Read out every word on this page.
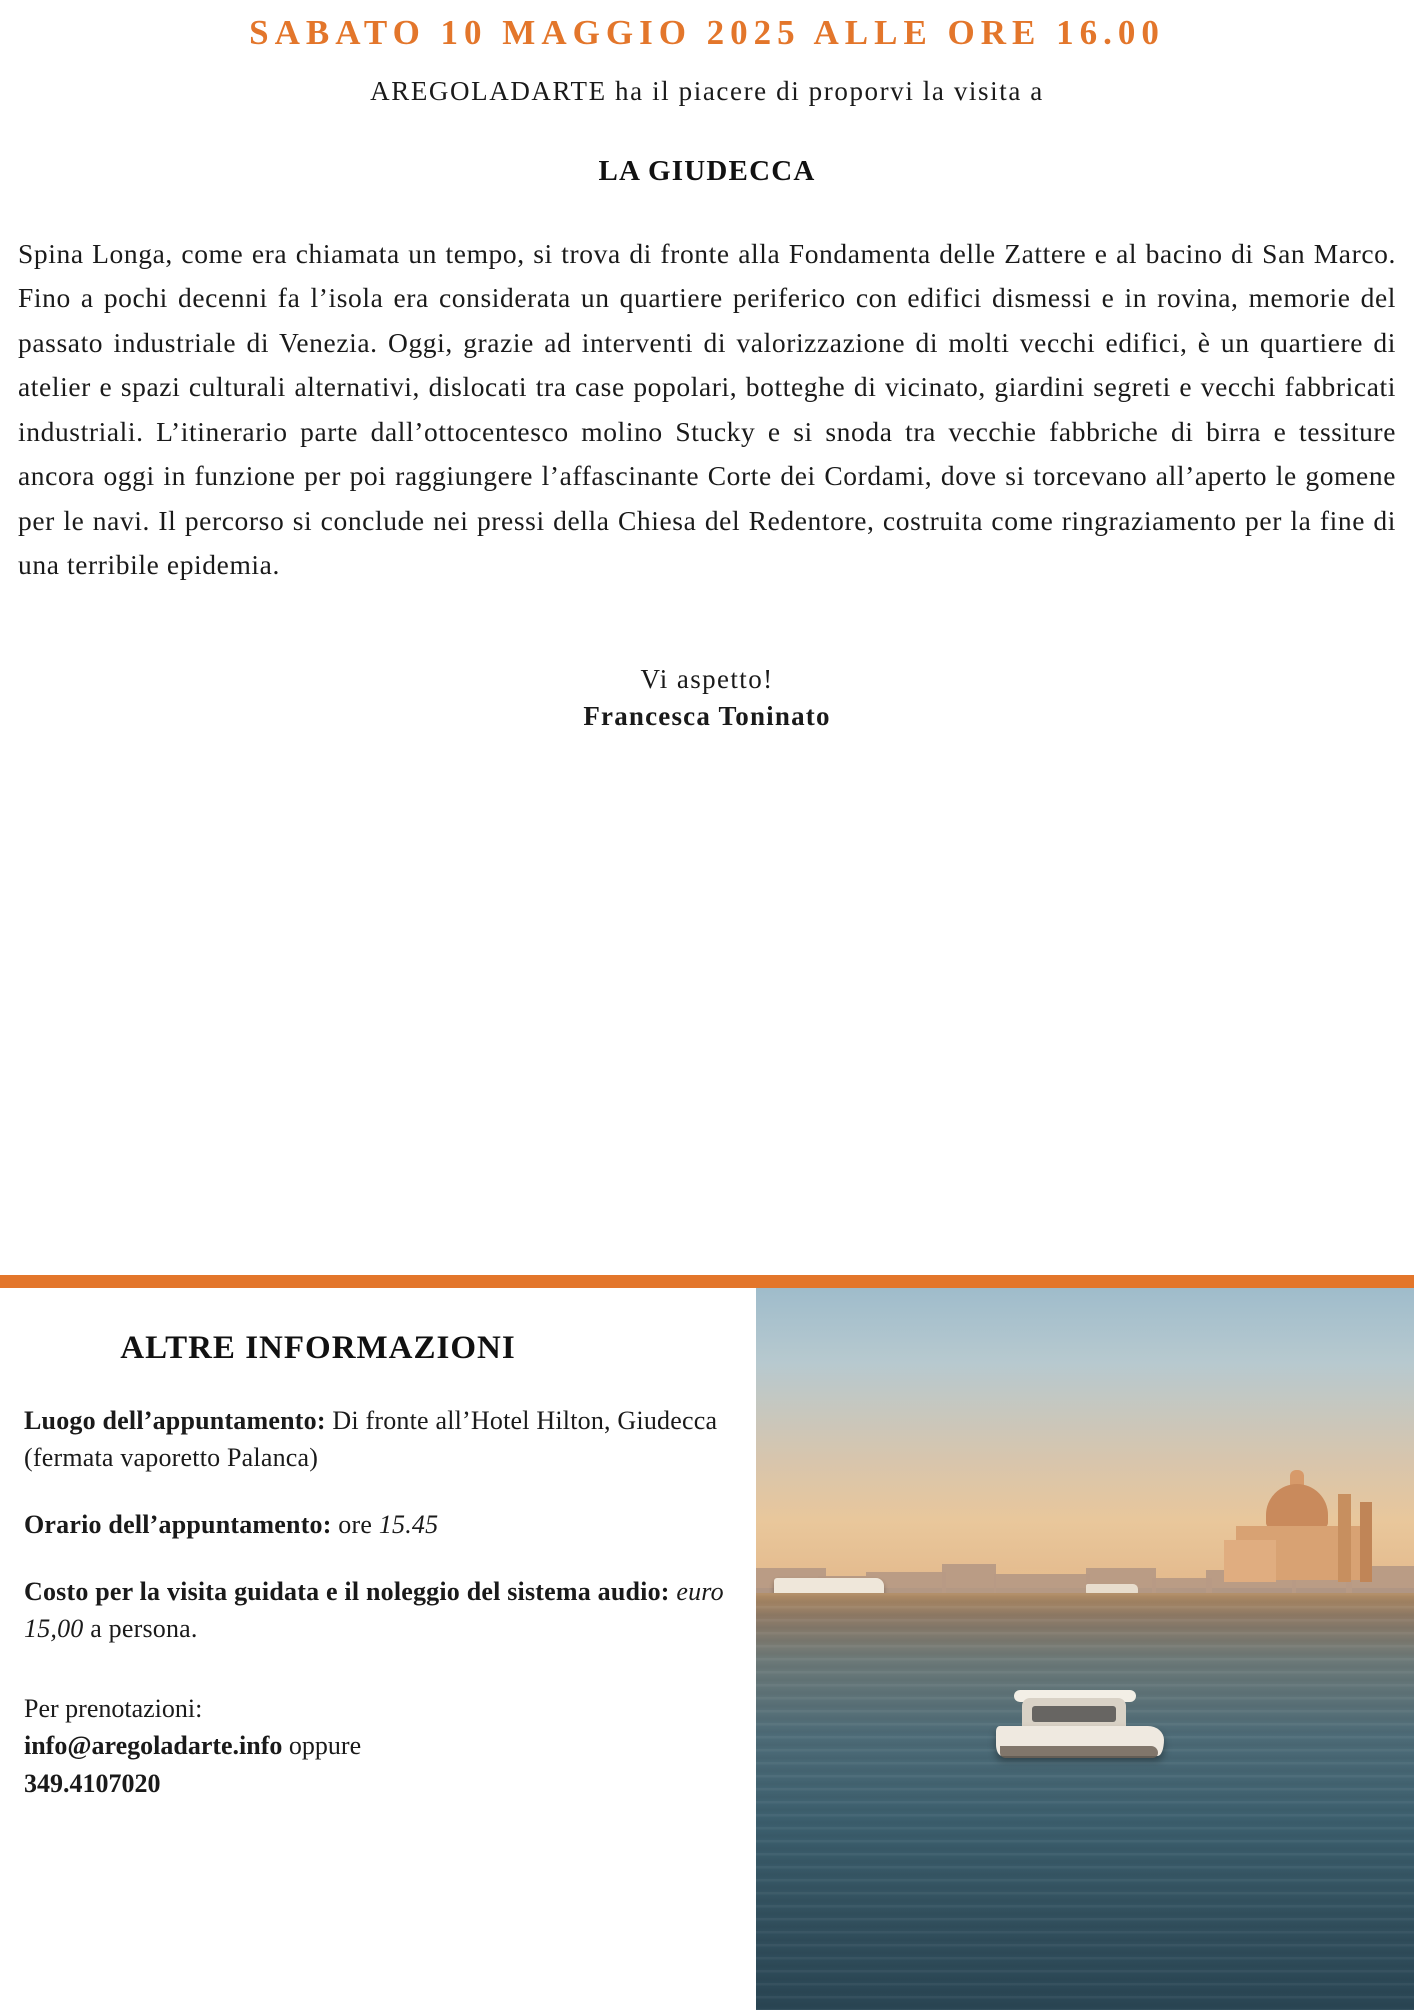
SABATO 10 MAGGIO 2025 ALLE ORE 16.00
AREGOLADARTE ha il piacere di proporvi la visita a
LA GIUDECCA
Spina Longa, come era chiamata un tempo, si trova di fronte alla Fondamenta delle Zattere e al bacino di San Marco. Fino a pochi decenni fa l’isola era considerata un quartiere periferico con edifici dismessi e in rovina, memorie del passato industriale di Venezia. Oggi, grazie ad interventi di valorizzazione di molti vecchi edifici, è un quartiere di atelier e spazi culturali alternativi, dislocati tra case popolari, botteghe di vicinato, giardini segreti e vecchi fabbricati industriali. L’itinerario parte dall’ottocentesco molino Stucky e si snoda tra vecchie fabbriche di birra e tessiture ancora oggi in funzione per poi raggiungere l’affascinante Corte dei Cordami, dove si torcevano all’aperto le gomene per le navi. Il percorso si conclude nei pressi della Chiesa del Redentore, costruita come ringraziamento per la fine di una terribile epidemia.
Vi aspetto!
Francesca Toninato
ALTRE INFORMAZIONI
Luogo dell’appuntamento: Di fronte all’Hotel Hilton, Giudecca (fermata vaporetto Palanca)
Orario dell’appuntamento: ore 15.45
Costo per la visita guidata e il noleggio del sistema audio: euro 15,00 a persona.
Per prenotazioni:
info@aregoladarte.info oppure
349.4107020
